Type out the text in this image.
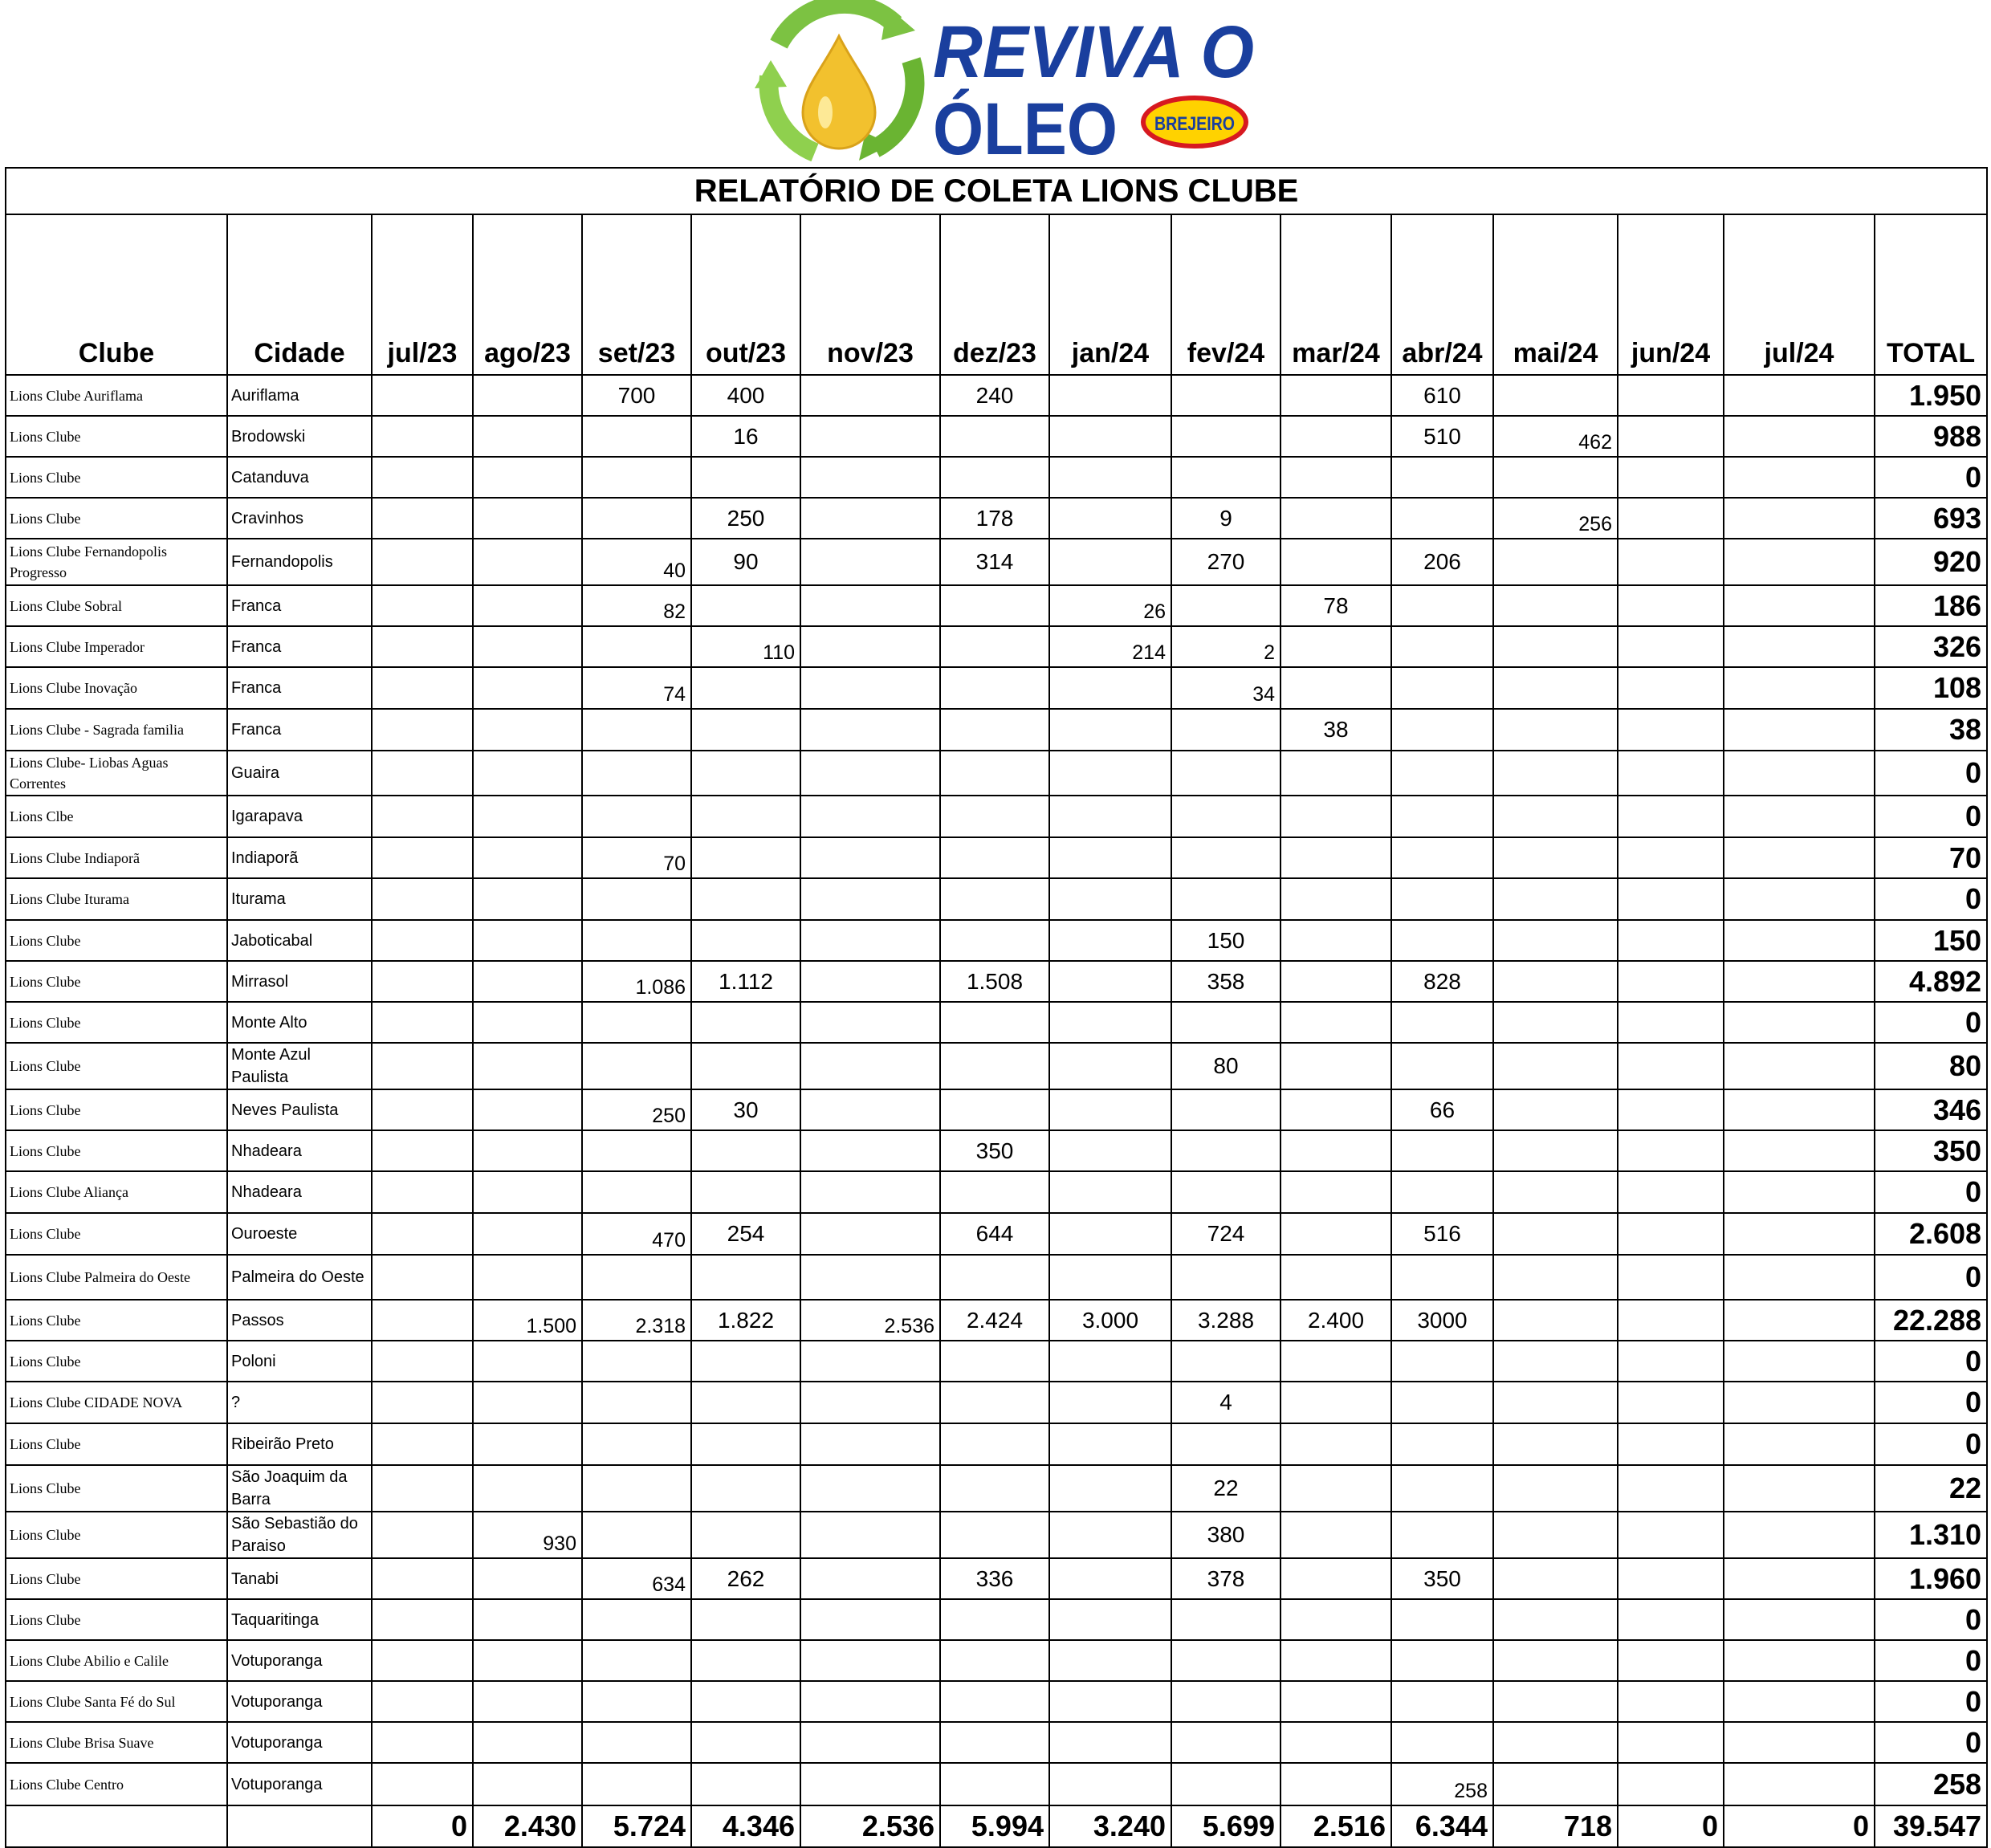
REVIVA O
ÓLEO BREJEIRO
RELATÓRIO DE COLETA LIONS CLUBE															
Clube	Cidade	jul/23	ago/23	set/23	out/23	nov/23	dez/23	jan/24	fev/24	mar/24	abr/24	mai/24	jun/24	jul/24	TOTAL
Lions Clube Auriflama	Auriflama			700	400		240				610				1.950
Lions Clube	Brodowski				16						510	462			988
Lions Clube	Catanduva														0
Lions Clube	Cravinhos				250		178		9			256			693
Lions Clube Fernandopolis Progresso	Fernandopolis			40	90		314		270		206				920
Lions Clube Sobral	Franca			82				26		78					186
Lions Clube Imperador	Franca				110			214	2						326
Lions Clube Inovação	Franca			74					34						108
Lions Clube - Sagrada familia	Franca									38					38
Lions Clube- Liobas Aguas Correntes	Guaira														0
Lions Clbe	Igarapava														0
Lions Clube Indiaporã	Indiaporã			70											70
Lions Clube Iturama	Iturama														0
Lions Clube	Jaboticabal								150						150
Lions Clube	Mirrasol			1.086	1.112		1.508		358		828				4.892
Lions Clube	Monte Alto														0
Lions Clube	Monte Azul Paulista								80						80
Lions Clube	Neves Paulista			250	30						66				346
Lions Clube	Nhadeara						350								350
Lions Clube Aliança	Nhadeara														0
Lions Clube	Ouroeste			470	254		644		724		516				2.608
Lions Clube Palmeira do Oeste	Palmeira do Oeste														0
Lions Clube	Passos		1.500	2.318	1.822	2.536	2.424	3.000	3.288	2.400	3000				22.288
Lions Clube	Poloni														0
Lions Clube CIDADE NOVA	?								4						0
Lions Clube	Ribeirão Preto														0
Lions Clube	São Joaquim da Barra								22						22
Lions Clube	São Sebastião do Paraiso		930						380						1.310
Lions Clube	Tanabi			634	262		336		378		350				1.960
Lions Clube	Taquaritinga														0
Lions Clube Abilio e Calile	Votuporanga														0
Lions Clube Santa Fé do Sul	Votuporanga														0
Lions Clube Brisa Suave	Votuporanga														0
Lions Clube Centro	Votuporanga										258				258
		0	2.430	5.724	4.346	2.536	5.994	3.240	5.699	2.516	6.344	718	0	0	39.547
